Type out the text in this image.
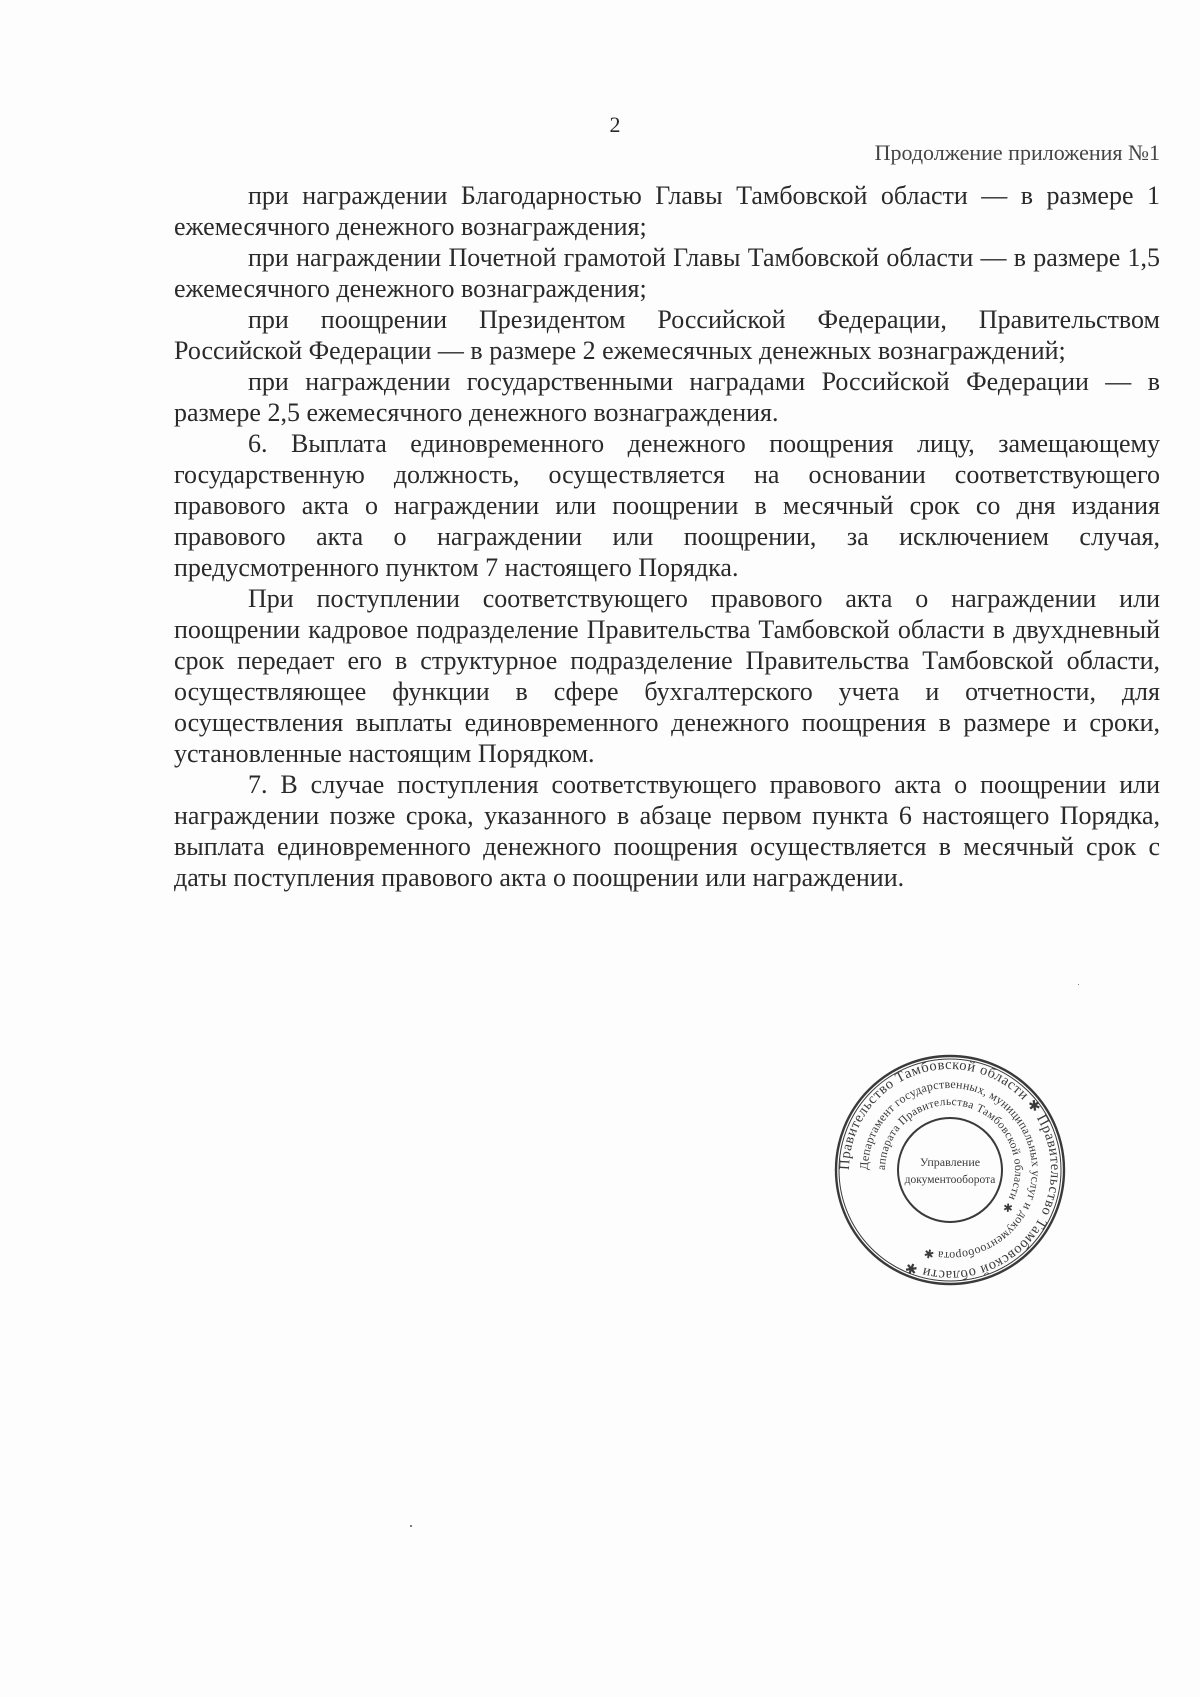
2
Продолжение приложения №1

при награждении Благодарностью Главы Тамбовской области — в размере 1 ежемесячного денежного вознаграждения;

при награждении Почетной грамотой Главы Тамбовской области — в размере 1,5 ежемесячного денежного вознаграждения;

при поощрении Президентом Российской Федерации, Правительством Российской Федерации — в размере 2 ежемесячных денежных вознаграждений;

при награждении государственными наградами Российской Федерации — в размере 2,5 ежемесячного денежного вознаграждения.

6. Выплата единовременного денежного поощрения лицу, замещающему государственную должность, осуществляется на основании соответствующего правового акта о награждении или поощрении в месячный срок со дня издания правового акта о награждении или поощрении, за исключением случая, предусмотренного пунктом 7 настоящего Порядка.

При поступлении соответствующего правового акта о награждении или поощрении кадровое подразделение Правительства Тамбовской области в двухдневный срок передает его в структурное подразделение Правительства Тамбовской области, осуществляющее функции в сфере бухгалтерского учета и отчетности, для осуществления выплаты единовременного денежного поощрения в размере и сроки, установленные настоящим Порядком.

7. В случае поступления соответствующего правового акта о поощрении или награждении позже срока, указанного в абзаце первом пункта 6 настоящего Порядка, выплата единовременного денежного поощрения осуществляется в месячный срок с даты поступления правового акта о поощрении или награждении.

Правительство Тамбовской области ✱ Правительство Тамбовской области ✱
Департамент государственных, муниципальных услуг и документооборота ✱
аппарата Правительства Тамбовской области ✱
Управление
документооборота
